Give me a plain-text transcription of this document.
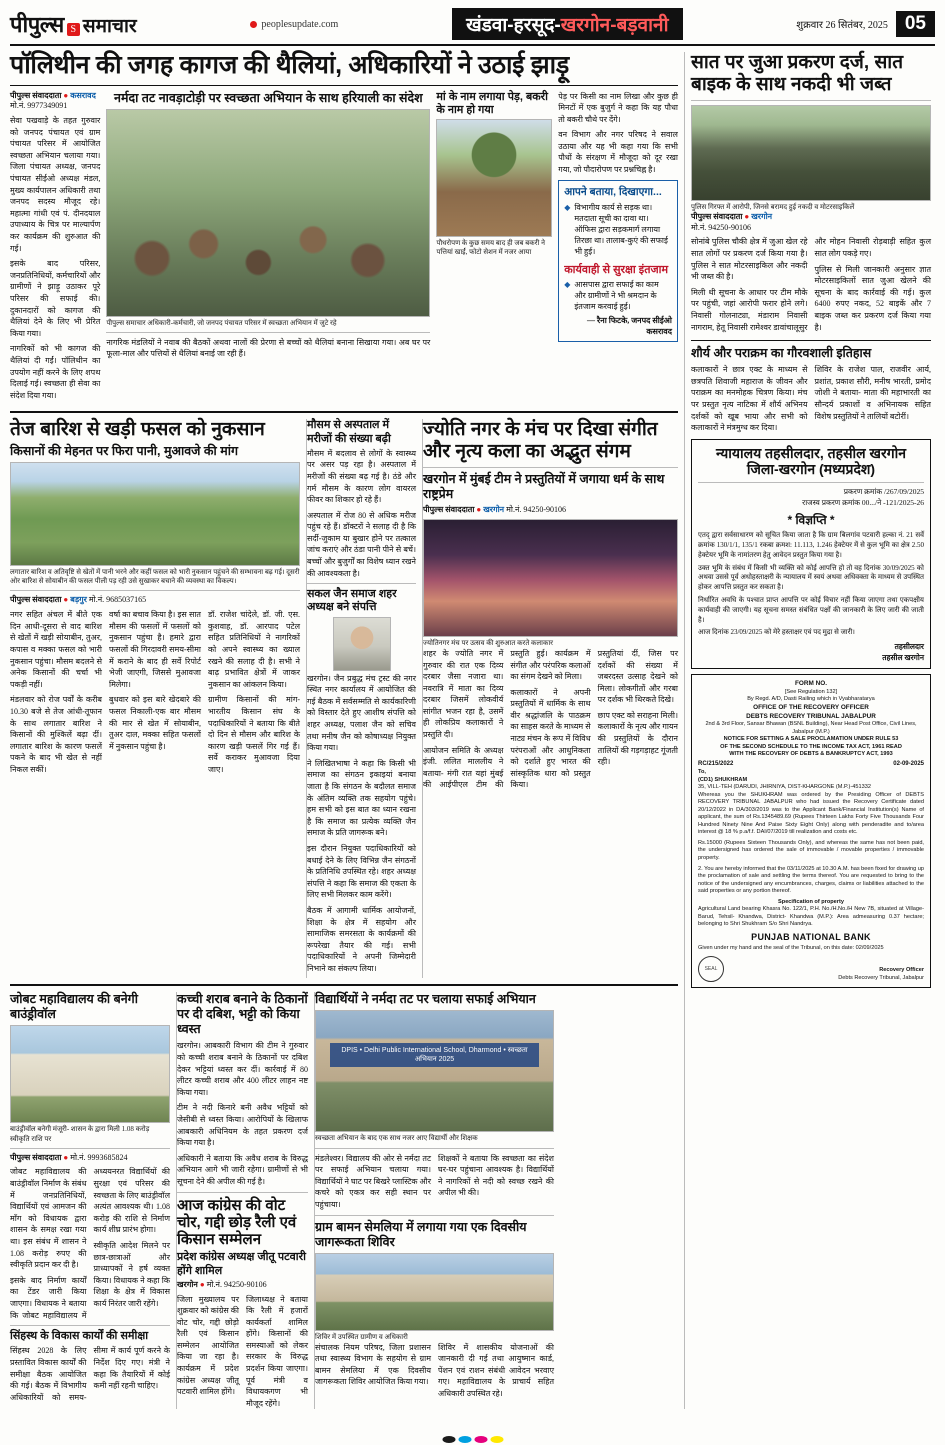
पीपुल्स S समाचार	peoplesupdate.com	खंडवा-हरसूद-खरगोन-बड़वानी	शुक्रवार 26 सितंबर, 2025 05
पॉलिथीन की जगह कागज की थैलियां, अधिकारियों ने उठाई झाड़ू
पीपुल्स संवाददाता ● कसरावद
मो.नं. 9977349091

सेवा पखवाड़े के तहत गुरुवार को जनपद पंचायत एवं ग्राम पंचायत परिसर में आयोजित स्वच्छता अभियान चलाया गया। जिला पंचायत अध्यक्ष, जनपद पंचायत सीईओ अध्यक्ष मंडल, मुख्य कार्यपालन अधिकारी तथा जनपद सदस्य मौजूद रहे। महात्मा गांधी एवं पं. दीनदयाल उपाध्याय के चित्र पर माल्यार्पण कर कार्यक्रम की शुरुआत की गई।

इसके बाद परिसर, जनप्रतिनिधियों, कर्मचारियों और ग्रामीणों ने झाड़ू उठाकर पूरे परिसर की सफाई की। दुकानदारों को कागज की थैलियां देने के लिए भी प्रेरित किया गया।

नागरिकों को भी कागज की थैलियां दी गईं। पॉलिथीन का उपयोग नहीं करने के लिए शपथ दिलाई गई। स्वच्छता ही सेवा का संदेश दिया गया।

नर्मदा तट नावड़ाटोड़ी पर स्वच्छता अभियान के साथ हरियाली का संदेश
पीपुल्स समाचार अधिकारी-कर्मचारी, जो जनपद पंचायत परिसर में स्वच्छता अभियान में जुटे रहे

नागरिक मंडलियों ने नवाब की बैठकों अथवा नालों की प्रेरणा से बच्चों को थैलियां बनाना सिखाया गया। अब घर पर फूला-माल और पत्तियों से थैलियां बनाई जा रही हैं।

मां के नाम लगाया पेड़, बकरी के नाम हो गया
पौधरोपण के कुछ समय बाद ही जब बकरी ने पत्तियां खाईं, फोटो सेशन में नजर आया

पेड़ पर किसी का नाम लिखा और कुछ ही मिनटों में एक बुजुर्ग ने कहा कि यह पौधा तो बकरी चौथे पर देंगे।

वन विभाग और नगर परिषद ने सवाल उठाया और यह भी कहा गया कि सभी पौधों के संरक्षण में मौजूदा को दूर रखा गया, जो पौदारोपण पर प्रश्नचिह्न है।

आपने बताया, दिखाएगा...
◆ विभागीय कार्य से सड़क था। मतदाता सूची का दावा था। ऑफिस द्वारा सड़कमार्ग लगाया तिरछा था। तालाब-कुएं की सफाई भी हुई।
कार्यवाही से सुरक्षा इंतजाम
◆ आसपास द्वारा सफाई का काम और ग्रामीणों ने भी श्रमदान के इंतजाम करवाई हुई।
— रैना फिटके, जनपद सीईओ कसरावद
तेज बारिश से खड़ी फसल को नुकसान
किसानों की मेहनत पर फिरा पानी, मुआवजे की मांग
लगातार बारिश व अतिवृष्टि से खेतों में पानी भरने और कहीं फसल को भारी नुकसान पहुंचने की सम्भावना बढ़ गई। दूसरी ओर बारिश से सोयाबीन की फसल पीली पड़ रही उसे सुखाकर बचाने की व्यवस्था का विकल्प।
पीपुल्स संवाददाता ● बड़गुर मो.नं. 9685037165

नगर सहित अंचल में बीते एक दिन आधी-दूसरा से वाद बारिश से खेतों में खड़ी सोयाबीन, तुअर, कपास व मक्का फसल को भारी नुकसान पहुंचा। मौसम बदलने से अनेक किसानों की चर्चा भी पकड़ी नहीं।

मंडलवार को रोज पर्वों के करीब 10.30 बजे से तेज आंधी-तूफान के साथ लगातार बारिश ने किसानों की मुश्किलें बढ़ा दीं। लगातार बारिश के कारण फसलें पकने के बाद भी खेत से नहीं निकल सकीं।

वर्षा का बचाव किया है। इस सात मौसम की फसलों में फसलों को नुकसान पहुंचा है। हमारे द्वारा फसलों की गिरदावरी समय-सीमा में कराने के बाद ही सर्वे रिपोर्ट भेजी जाएगी, जिससे मुआवजा मिलेगा।

बुधवार को इस बारे खेदबारे की फसल निकाली-एक बार मौसम की मार से खेत में सोयाबीन, तुअर दाल, मक्का सहित फसलों में नुकसान पहुंचा है।

डॉ. राजेश चांदेले, डॉ. जी. एस. कुशवाह, डॉ. आरपाद पटेल सहित प्रतिनिधियों ने नागरिकों को अपने स्वास्थ्य का ख्याल रखने की सलाह दी है। सभी ने बाढ़ प्रभावित क्षेत्रों में जाकर नुकसान का आंकलन किया।

ग्रामीण किसानों की मांग- भारतीय किसान संघ के पदाधिकारियों ने बताया कि बीते दो दिन से मौसम और बारिश के कारण खड़ी फसलें गिर गई हैं। सर्वे कराकर मुआवजा दिया जाए।

मौसम से अस्पताल में मरीजों की संख्या बढ़ी

मौसम में बदलाव से लोगों के स्वास्थ्य पर असर पड़ रहा है। अस्पताल में मरीजों की संख्या बढ़ गई है। ठंडे और गर्म मौसम के कारण लोग वायरल फीवर का शिकार हो रहे हैं।

अस्पताल में रोज 80 से अधिक मरीज पहुंच रहे हैं। डॉक्टरों ने सलाह दी है कि सर्दी-जुकाम या बुखार होने पर तत्काल जांच कराएं और ठंडा पानी पीने से बचें। बच्चों और बुजुर्गों का विशेष ध्यान रखने की आवश्यकता है।

सकल जैन समाज शहर अध्यक्ष बने संपत्ति

खरगोन। जैन प्रबुद्ध मंच ट्रस्ट की नगर स्थित नगर कार्यालय में आयोजित की गई बैठक में सर्वसम्मति से कार्यकारिणी को विस्तार देते हुए आशीष संपत्ति को शहर अध्यक्ष, पलाश जैन को सचिव तथा मनीष जैन को कोषाध्यक्ष नियुक्त किया गया।

ने लिखितभाषा ने कहा कि किसी भी समाज का संगठन इकाइयां बनाया जाता है कि संगठन के बदौलत समाज के अंतिम व्यक्ति तक सहयोग पहुंचे। हम सभी को इस बात का ध्यान रखना है कि समाज का प्रत्येक व्यक्ति जैन समाज के प्रति जागरूक बने।

इस दौरान नियुक्त पदाधिकारियों को बधाई देने के लिए विभिन्न जैन संगठनों के प्रतिनिधि उपस्थित रहे। शहर अध्यक्ष संपत्ति ने कहा कि समाज की एकता के लिए सभी मिलकर काम करेंगे।

बैठक में आगामी धार्मिक आयोजनों, शिक्षा के क्षेत्र में सहयोग और सामाजिक समरसता के कार्यक्रमों की रूपरेखा तैयार की गई। सभी पदाधिकारियों ने अपनी जिम्मेदारी निभाने का संकल्प लिया।

ज्योति नगर के मंच पर दिखा संगीत और नृत्य कला का अद्भुत संगम
खरगोन में मुंबई टीम ने प्रस्तुतियों में जगाया धर्म के साथ राष्ट्रप्रेम
पीपुल्स संवाददाता ● खरगोन मो.नं. 94250-90106
ज्योतिनगर मंच पर उत्सव की शुरुआत करते कलाकार

शहर के ज्योति नगर में गुरुवार की रात एक दिव्य दरबार जैसा नजारा था। नवरात्रि में माता का दिव्य दरबार जिसमें लोकवीर्य सांगीत भजन रहा है, उसमें ही लोकप्रिय कलाकारों ने प्रस्तुति दी।

आयोजन समिति के अध्यक्ष इंजी. ललित माललीय ने बताया- मंगी रात यहां मुंबई की आईपीएल टीम की प्रस्तुति हुई। कार्यक्रम में संगीत और परंपरिक कलाओं का संगम देखने को मिला।

कलाकारों ने अपनी प्रस्तुतियों में धार्मिक के साथ वीर श्रद्धांजलि के पाठक्रम का साहस करते के माध्यम से नाट्य मंचन के रूप में विविध परंपराओं और आधुनिकता को दर्शाते हुए भारत की सांस्कृतिक धारा को प्रस्तुत किया।

प्रस्तुतियां दीं, जिस पर दर्शकों की संख्या में जबरदस्त उत्साह देखने को मिला। लोकगीतों और गरबा पर दर्शक भी थिरकते दिखे।

छाप एक्ट को सराहना मिली। कलाकारों के नृत्य और गायन की प्रस्तुतियों के दौरान तालियों की गड़गड़ाहट गूंजती रही।

जोबट महाविद्यालय की बनेगी बाउंड्रीवॉल
बाउंड्रीवॉल बनेगी मंजूरी- शासन के द्वारा मिली 1.08 करोड़ स्वीकृति राशि पर
पीपुल्स संवाददाता ● मो.नं. 9993685824

जोबट महाविद्यालय की बाउंड्रीवॉल निर्माण के संबंध में जनप्रतिनिधियों, विद्यार्थियों एवं आमजन की माँग को विधायक द्वारा शासन के समक्ष रखा गया था। इस संबंध में शासन ने 1.08 करोड़ रुपए की स्वीकृति प्रदान कर दी है।

इसके बाद निर्माण कार्यों का टेंडर जारी किया जाएगा। विधायक ने बताया कि जोबट महाविद्यालय में अध्ययनरत विद्यार्थियों की सुरक्षा एवं परिसर की स्वच्छता के लिए बाउंड्रीवॉल अत्यंत आवश्यक थी। 1.08 करोड़ की राशि से निर्माण कार्य शीघ्र प्रारंभ होगा।

स्वीकृति आदेश मिलने पर छात्र-छात्राओं और प्राध्यापकों ने हर्ष व्यक्त किया। विधायक ने कहा कि शिक्षा के क्षेत्र में विकास कार्य निरंतर जारी रहेंगे।

सिंहस्थ के विकास कार्यों की समीक्षा

सिंहस्थ 2028 के लिए प्रस्तावित विकास कार्यों की समीक्षा बैठक आयोजित की गई। बैठक में विभागीय अधिकारियों को समय-सीमा में कार्य पूर्ण करने के निर्देश दिए गए। मंत्री ने कहा कि तैयारियों में कोई कमी नहीं रहनी चाहिए।

कच्ची शराब बनाने के ठिकानों पर दी दबिश, भट्टी को किया ध्वस्त

खरगोन। आबकारी विभाग की टीम ने गुरुवार को कच्ची शराब बनाने के ठिकानों पर दबिश देकर भट्टियां ध्वस्त कर दीं। कार्रवाई में 80 लीटर कच्ची शराब और 400 लीटर लाहन नष्ट किया गया।

टीम ने नदी किनारे बनी अवैध भट्टियों को जेसीबी से ध्वस्त किया। आरोपियों के खिलाफ आबकारी अधिनियम के तहत प्रकरण दर्ज किया गया है।

अधिकारी ने बताया कि अवैध शराब के विरुद्ध अभियान आगे भी जारी रहेगा। ग्रामीणों से भी सूचना देने की अपील की गई है।

आज कांग्रेस की वोट चोर, गद्दी छोड़ रैली एवं किसान सम्मेलन
प्रदेश कांग्रेस अध्यक्ष जीतू पटवारी होंगे शामिल
खरगोन ● मो.नं. 94250-90106

जिला मुख्यालय पर शुक्रवार को कांग्रेस की वोट चोर, गद्दी छोड़ो रैली एवं किसान सम्मेलन आयोजित किया जा रहा है। कार्यक्रम में प्रदेश कांग्रेस अध्यक्ष जीतू पटवारी शामिल होंगे।

जिलाध्यक्ष ने बताया कि रैली में हजारों कार्यकर्ता शामिल होंगे। किसानों की समस्याओं को लेकर सरकार के विरुद्ध प्रदर्शन किया जाएगा। पूर्व मंत्री व विधायकगण भी मौजूद रहेंगे।

विद्यार्थियों ने नर्मदा तट पर चलाया सफाई अभियान
DPIS • Delhi Public International School, Dharmond • स्वच्छता अभियान 2025
स्वच्छता अभियान के बाद एक साथ नजर आए विद्यार्थी और शिक्षक

मंडलेश्वर। विद्यालय की ओर से नर्मदा तट पर सफाई अभियान चलाया गया। विद्यार्थियों ने घाट पर बिखरे प्लास्टिक और कचरे को एकत्र कर सही स्थान पर पहुंचाया।

शिक्षकों ने बताया कि स्वच्छता का संदेश घर-घर पहुंचाना आवश्यक है। विद्यार्थियों ने नागरिकों से नदी को स्वच्छ रखने की अपील भी की।

ग्राम बामन सेमलिया में लगाया गया एक दिवसीय जागरूकता शिविर
शिविर में उपस्थित ग्रामीण व अधिकारी

संचालक नियम परिषद, जिला प्रशासन तथा स्वास्थ्य विभाग के सहयोग से ग्राम बामन सेमलिया में एक दिवसीय जागरूकता शिविर आयोजित किया गया।

शिविर में शासकीय योजनाओं की जानकारी दी गई तथा आयुष्मान कार्ड, पेंशन एवं राशन संबंधी आवेदन भरवाए गए। महाविद्यालय के प्राचार्य सहित अधिकारी उपस्थित रहे।

सात पर जुआ प्रकरण दर्ज, सात बाइक के साथ नकदी भी जब्त
पुलिस गिरफ्त में आरोपी, जिनसे बरामद हुई नकदी व मोटरसाइकिलें
पीपुल्स संवाददाता ● खरगोन
मो.नं. 94250-90106

सोनांबे पुलिस चौकी क्षेत्र में जुआ खेल रहे सात लोगों पर प्रकरण दर्ज किया गया है। पुलिस ने सात मोटरसाइकिल और नकदी भी जब्त की है।

मिली थी सूचना के आधार पर टीम मौके पर पहुंची, जहां आरोपी फरार होने लगे। निवासी गोलनाट्या, मंडाराम निवासी नागराम, हेतू निवासी रामेश्वर डावांचालूसुर और मोहन निवासी रोड़बाड़ी सहित कुल सात लोग पकड़े गए।

पुलिस से मिली जानकारी अनुसार ज्ञात मोटरसाइकिलों सात जुआ खेलने की सूचना के बाद कार्रवाई की गई। कुल 6400 रुपए नकद, 52 बाइकें और 7 बाइक जब्त कर प्रकरण दर्ज किया गया है।

शौर्य और पराक्रम का गौरवशाली इतिहास

कलाकारों ने छात्र एक्ट के माध्यम से छत्रपति शिवाजी महाराज के जीवन और पराक्रम का मनमोहक चित्रण किया। मंच पर प्रस्तुत नृत्य नाटिका में शौर्य अभिनय दर्शकों को खूब भाया और सभी को कलाकारों ने मंत्रमुग्ध कर दिया।

शिविर के राजेश पाल, राजवीर आर्य, प्रशांत, प्रकाश सौरी, मनीष भारती, प्रमोद जोशी ने बताया- माता की महाभारती का सौन्दर्य प्रकाशों व अभिनायक सहित विशेष प्रस्तुतियों ने तालियों बटोरीं।

न्यायालय तहसीलदार, तहसील खरगोन
जिला-खरगोन (मध्यप्रदेश)
प्रकरण क्रमांक /267/09/2025
राजस्व प्रकरण क्रमांक 00.../ने -121/2025-26
* विज्ञप्ति *

एतद् द्वारा सर्वसाधारण को सूचित किया जाता है कि ग्राम बिलगांव पटवारी हल्का नं. 21 सर्वे क्रमांक 130/1/1, 135/1 रकबा क्रमश: 11.113, 1.246 हेक्टेयर में से कुल भूमि का क्षेत्र 2.50 हेक्टेयर भूमि के नामांतरण हेतु आवेदन प्रस्तुत किया गया है।

उक्त भूमि के संबंध में किसी भी व्यक्ति को कोई आपत्ति हो तो वह दिनांक 30/09/2025 को अथवा उससे पूर्व अधोहस्ताक्षरी के न्यायालय में स्वयं अथवा अधिवक्ता के माध्यम से उपस्थित होकर आपत्ति प्रस्तुत कर सकता है।

निर्धारित अवधि के पश्चात प्राप्त आपत्ति पर कोई विचार नहीं किया जाएगा तथा एकपक्षीय कार्यवाही की जाएगी। यह सूचना समस्त संबंधित पक्षों की जानकारी के लिए जारी की जाती है।

आज दिनांक 23/09/2025 को मेरे हस्ताक्षर एवं पद मुद्रा से जारी।

तहसीलदार
तहसील खरगोन
FORM NO.
[See Regulation 132]
By Regd. A/D, Dasti Railing which in Vyabharatarya
OFFICE OF THE RECOVERY OFFICER
DEBTS RECOVERY TRIBUNAL JABALPUR
2nd & 3rd Floor, Sansar Bhawan (BSNL Building), Near Head Post Office, Civil Lines, Jabalpur (M.P.)
NOTICE FOR SETTING A SALE PROCLAMATION UNDER RULE 53
OF THE SECOND SCHEDULE TO THE INCOME TAX ACT, 1961 READ
WITH THE RECOVERY OF DEBTS & BANKRUPTCY ACT, 1993
RC/215/2022	02-09-2025
To,
(CD1) SHUKHRAM
35, VILL-TEH (DARUDI, JHIRNIYA, DIST-KHARGONE (M.P.)-451332

Whereas you the SHUKHRAM was ordered by the Presiding Officer of DEBTS RECOVERY TRIBUNAL JABALPUR who had issued the Recovery Certificate dated 20/12/2022 in DA/303/2019 was to the Applicant Bank/Financial Institution(s) Name of applicant, the sum of Rs.1345489.69 (Rupees Thirteen Lakhs Forty Five Thousands Four Hundred Ninety Nine And Paise Sixty Eight Only) along with penderadite and to/area interest @ 18 % p.a/f.f. DAI/07/2019 till realization and costs etc.

Rs.15000 (Rupees Sixteen Thousands Only), and whereas the same has not been paid, the undersigned has ordered the sale of immovable / movable properties / immovable property.

2. You are hereby informed that the 03/11/2025 at 10.30 A.M. has been fixed for drawing up the proclamation of sale and settling the terms thereof. You are requested to bring to the notice of the undersigned any encumbrances, charges, claims or liabilities attached to the said properties or any portion thereof.

Specification of property

Agricultural Land bearing Khasra No. 122/1, P.H. No./H.No./H New 7B, situated at Village-Barud, Tehsil- Khandwa, District- Khandwa (M.P.): Area admeasuring 0.37 hectare; belonging to Shri Shukhram S/o Shri Nandrya.

PUNJAB NATIONAL BANK
Given under my hand and the seal of the Tribunal, on this date: 02/09/2025
SEAL	Recovery Officer
Debts Recovery Tribunal, Jabalpur
